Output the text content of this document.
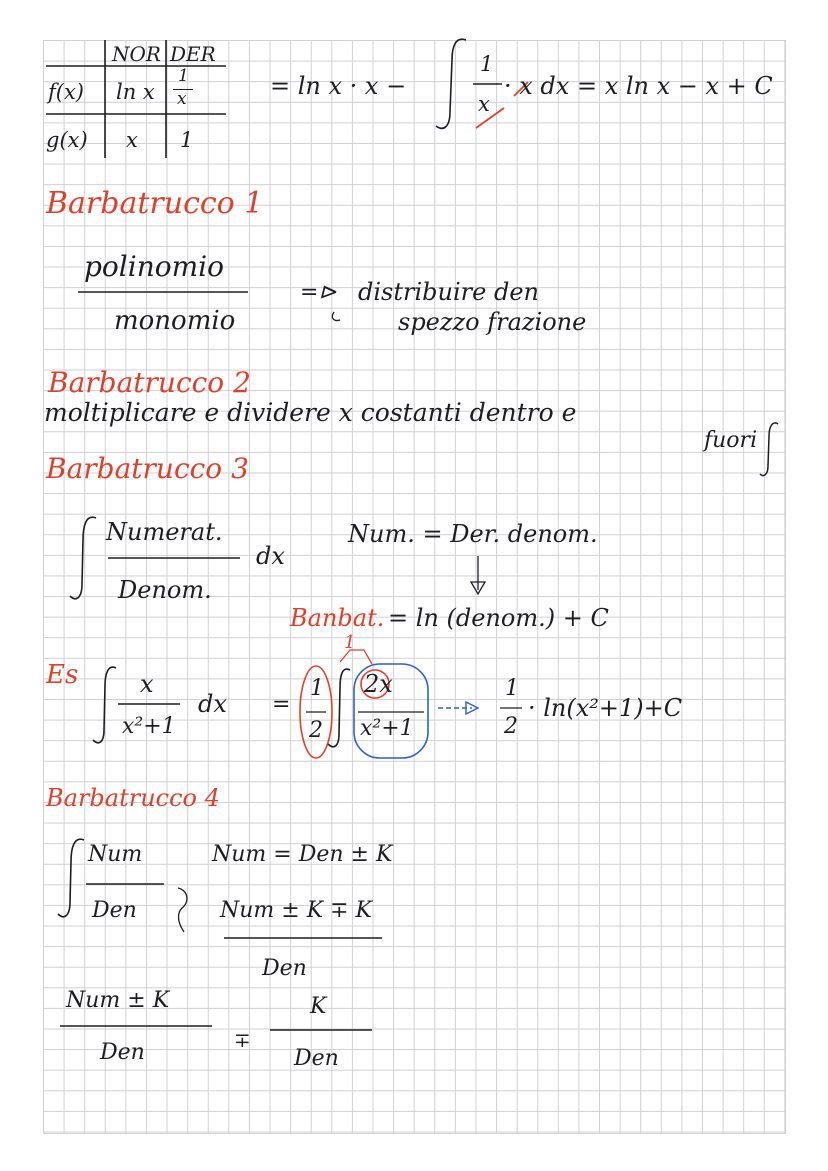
NOR DER
f(x) ln x
1
x
g(x) x 1
= ln x · x −
1
x
· x dx = x ln x − x + C
Barbatrucco 1
polinomio
monomio
=⊳ distribuire den
spezzo frazione
Barbatrucco 2
moltiplicare e dividere x costanti dentro e
fuori
Barbatrucco 3
Numerat.
Denom.
dx
Num. = Der. denom.
Banbat. = ln (denom.) + C
Es	x
x²+1
dx =
1
1
2
2x
x²+1
1
2
· ln(x²+1)+C
Barbatrucco 4
Num
Den
Num = Den ± K
Num ± K ∓ K
Den
Num ± K
Den	∓
K
Den
